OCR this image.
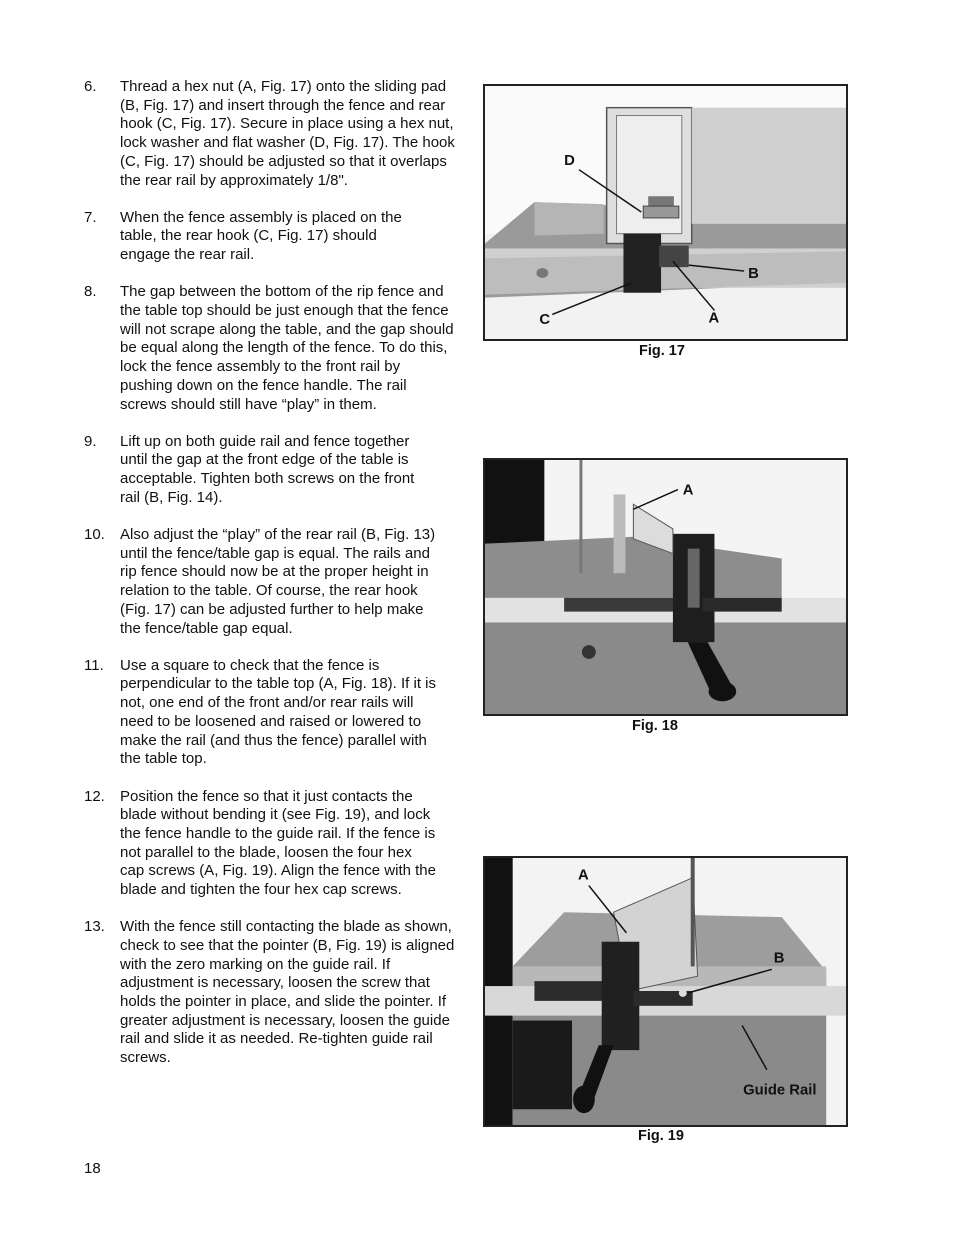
6.	Thread a hex nut (A, Fig. 17) onto the sliding pad (B, Fig. 17) and insert through the fence and rear hook (C, Fig. 17). Secure in place using a hex nut, lock washer and flat washer (D, Fig. 17). The hook (C, Fig. 17) should be adjusted so that it overlaps the rear rail by approximately 1/8".

7.	When the fence assembly is placed on the table, the rear hook (C, Fig. 17) should engage the rear rail.

8.	The gap between the bottom of the rip fence and the table top should be just enough that the fence will not scrape along the table, and the gap should be equal along the length of the fence. To do this, lock the fence assembly to the front rail by pushing down on the fence handle. The rail screws should still have “play” in them.

9.	Lift up on both guide rail and fence together until the gap at the front edge of the table is acceptable. Tighten both screws on the front rail (B, Fig. 14).

10.	Also adjust the “play” of the rear rail (B, Fig. 13) until the fence/table gap is equal. The rails and rip fence should now be at the proper height in relation to the table. Of course, the rear hook (Fig. 17) can be adjusted further to help make the fence/table gap equal.

11.	Use a square to check that the fence is perpendicular to the table top (A, Fig. 18). If it is not, one end of the front and/or rear rails will need to be loosened and raised or lowered to make the rail (and thus the fence) parallel with the table top.

12.	Position the fence so that it just contacts the blade without bending it (see Fig. 19), and lock the fence handle to the guide rail. If the fence is not parallel to the blade, loosen the four hex cap screws (A, Fig. 19). Align the fence with the blade and tighten the four hex cap screws.

13.	With the fence still contacting the blade as shown, check to see that the pointer (B, Fig. 19) is aligned with the zero marking on the guide rail. If adjustment is necessary, loosen the screw that holds the pointer in place, and slide the pointer. If greater adjustment is necessary, loosen the guide rail and slide it as needed. Re-tighten guide rail screws.

18
D
B
C	A
Fig. 17
A
Fig. 18
A
B
Guide Rail
Fig. 19
